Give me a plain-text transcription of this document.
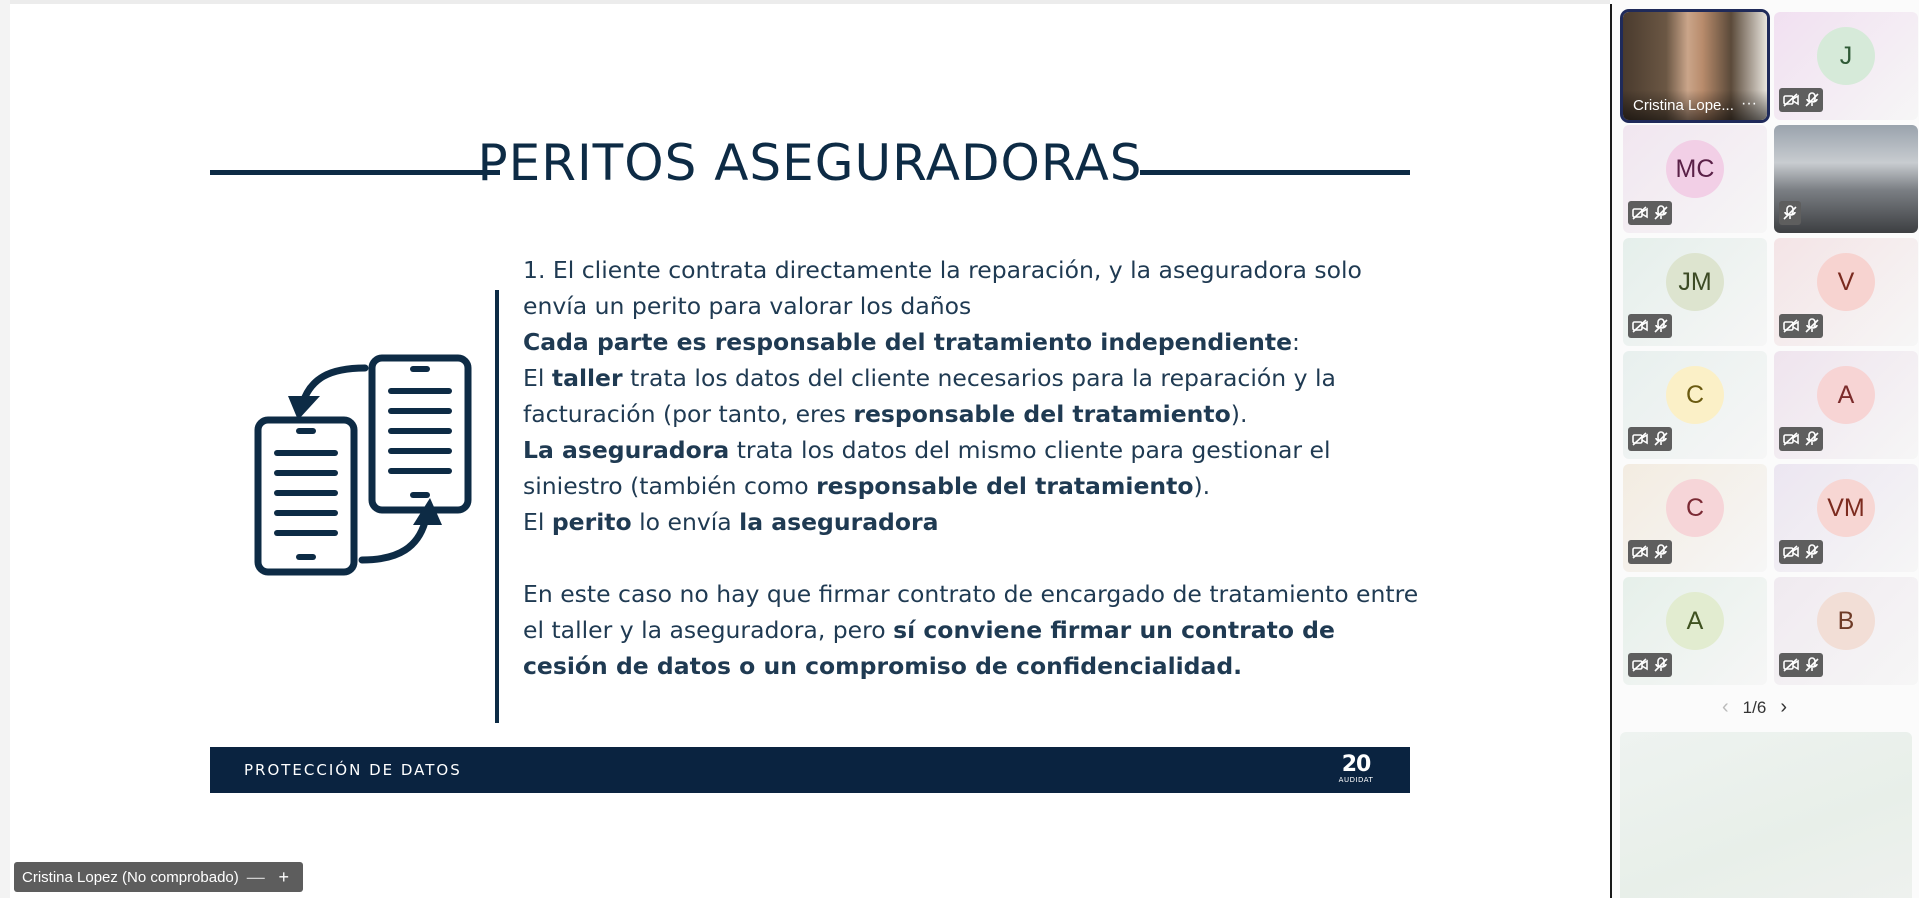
PERITOS ASEGURADORAS

1. El cliente contrata directamente la reparación, y la aseguradora solo envía un perito para valorar los daños

Cada parte es responsable del tratamiento independiente:

El taller trata los datos del cliente necesarios para la reparación y la facturación (por tanto, eres responsable del tratamiento).

La aseguradora trata los datos del mismo cliente para gestionar el siniestro (también como responsable del tratamiento).

El perito lo envía la aseguradora

En este caso no hay que firmar contrato de encargado de tratamiento entre el taller y la aseguradora, pero sí conviene firmar un contrato de cesión de datos o un compromiso de confidencialidad.

PROTECCIÓN DE DATOS	20
AUDIDAT
Cristina Lopez (No comprobado) — +
Cristina Lope... ···
J
MC
JM	V
C	A
C	VM
A	B
‹ 1/6 ›
